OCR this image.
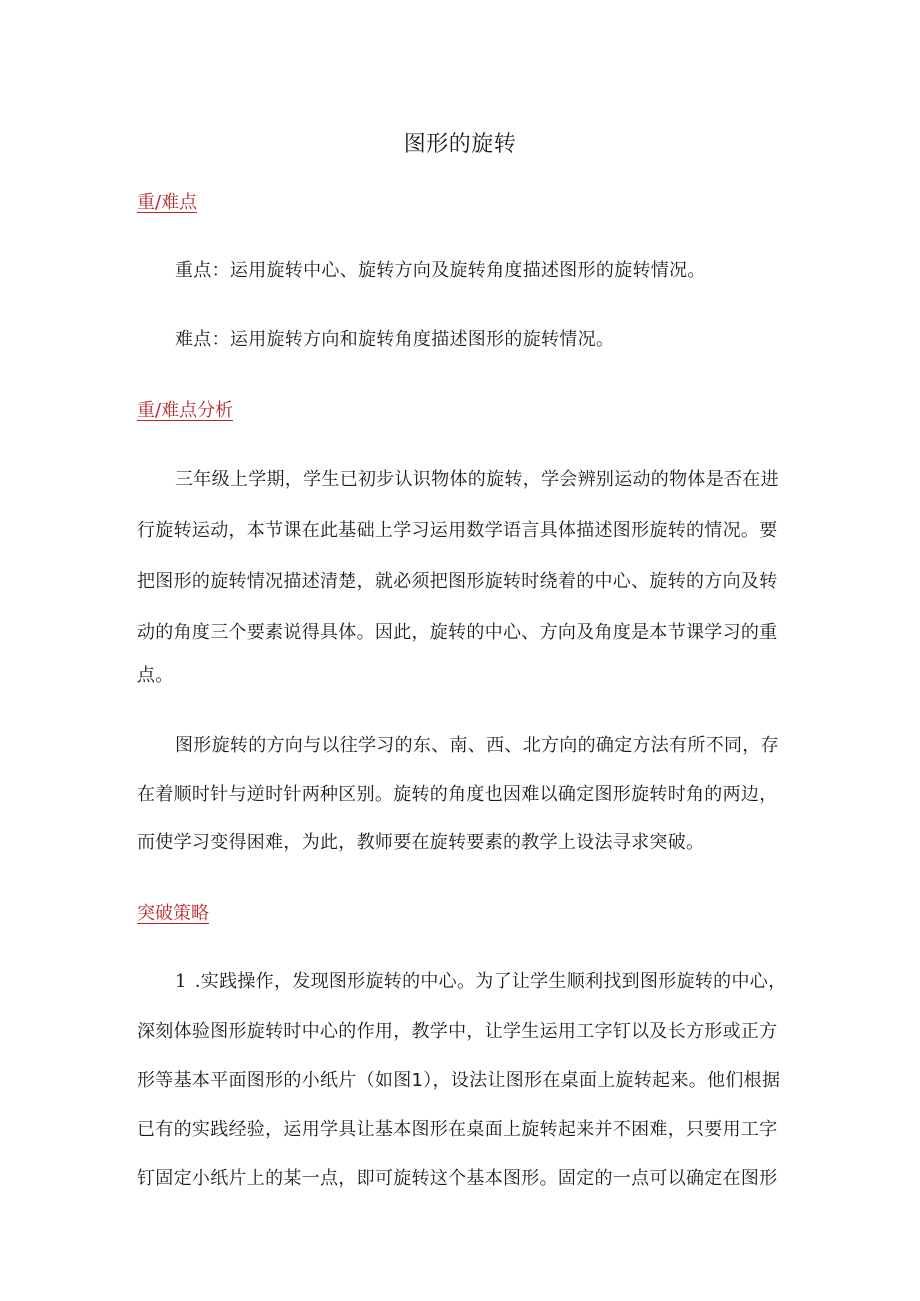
图形的旋转
重/难点
重点：运用旋转中心、旋转方向及旋转角度描述图形的旋转情况。
难点：运用旋转方向和旋转角度描述图形的旋转情况。
重/难点分析
三年级上学期，学生已初步认识物体的旋转，学会辨别运动的物体是否在进
行旋转运动，本节课在此基础上学习运用数学语言具体描述图形旋转的情况。要
把图形的旋转情况描述清楚，就必须把图形旋转时绕着的中心、旋转的方向及转
动的角度三个要素说得具体。因此，旋转的中心、方向及角度是本节课学习的重
点。
图形旋转的方向与以往学习的东、南、西、北方向的确定方法有所不同，存
在着顺时针与逆时针两种区别。旋转的角度也因难以确定图形旋转时角的两边，
而使学习变得困难，为此，教师要在旋转要素的教学上设法寻求突破。
突破策略
1 .实践操作，发现图形旋转的中心。为了让学生顺利找到图形旋转的中心，
深刻体验图形旋转时中心的作用，教学中，让学生运用工字钉以及长方形或正方
形等基本平面图形的小纸片（如图1），设法让图形在桌面上旋转起来。他们根据
已有的实践经验，运用学具让基本图形在桌面上旋转起来并不困难，只要用工字
钉固定小纸片上的某一点，即可旋转这个基本图形。固定的一点可以确定在图形
